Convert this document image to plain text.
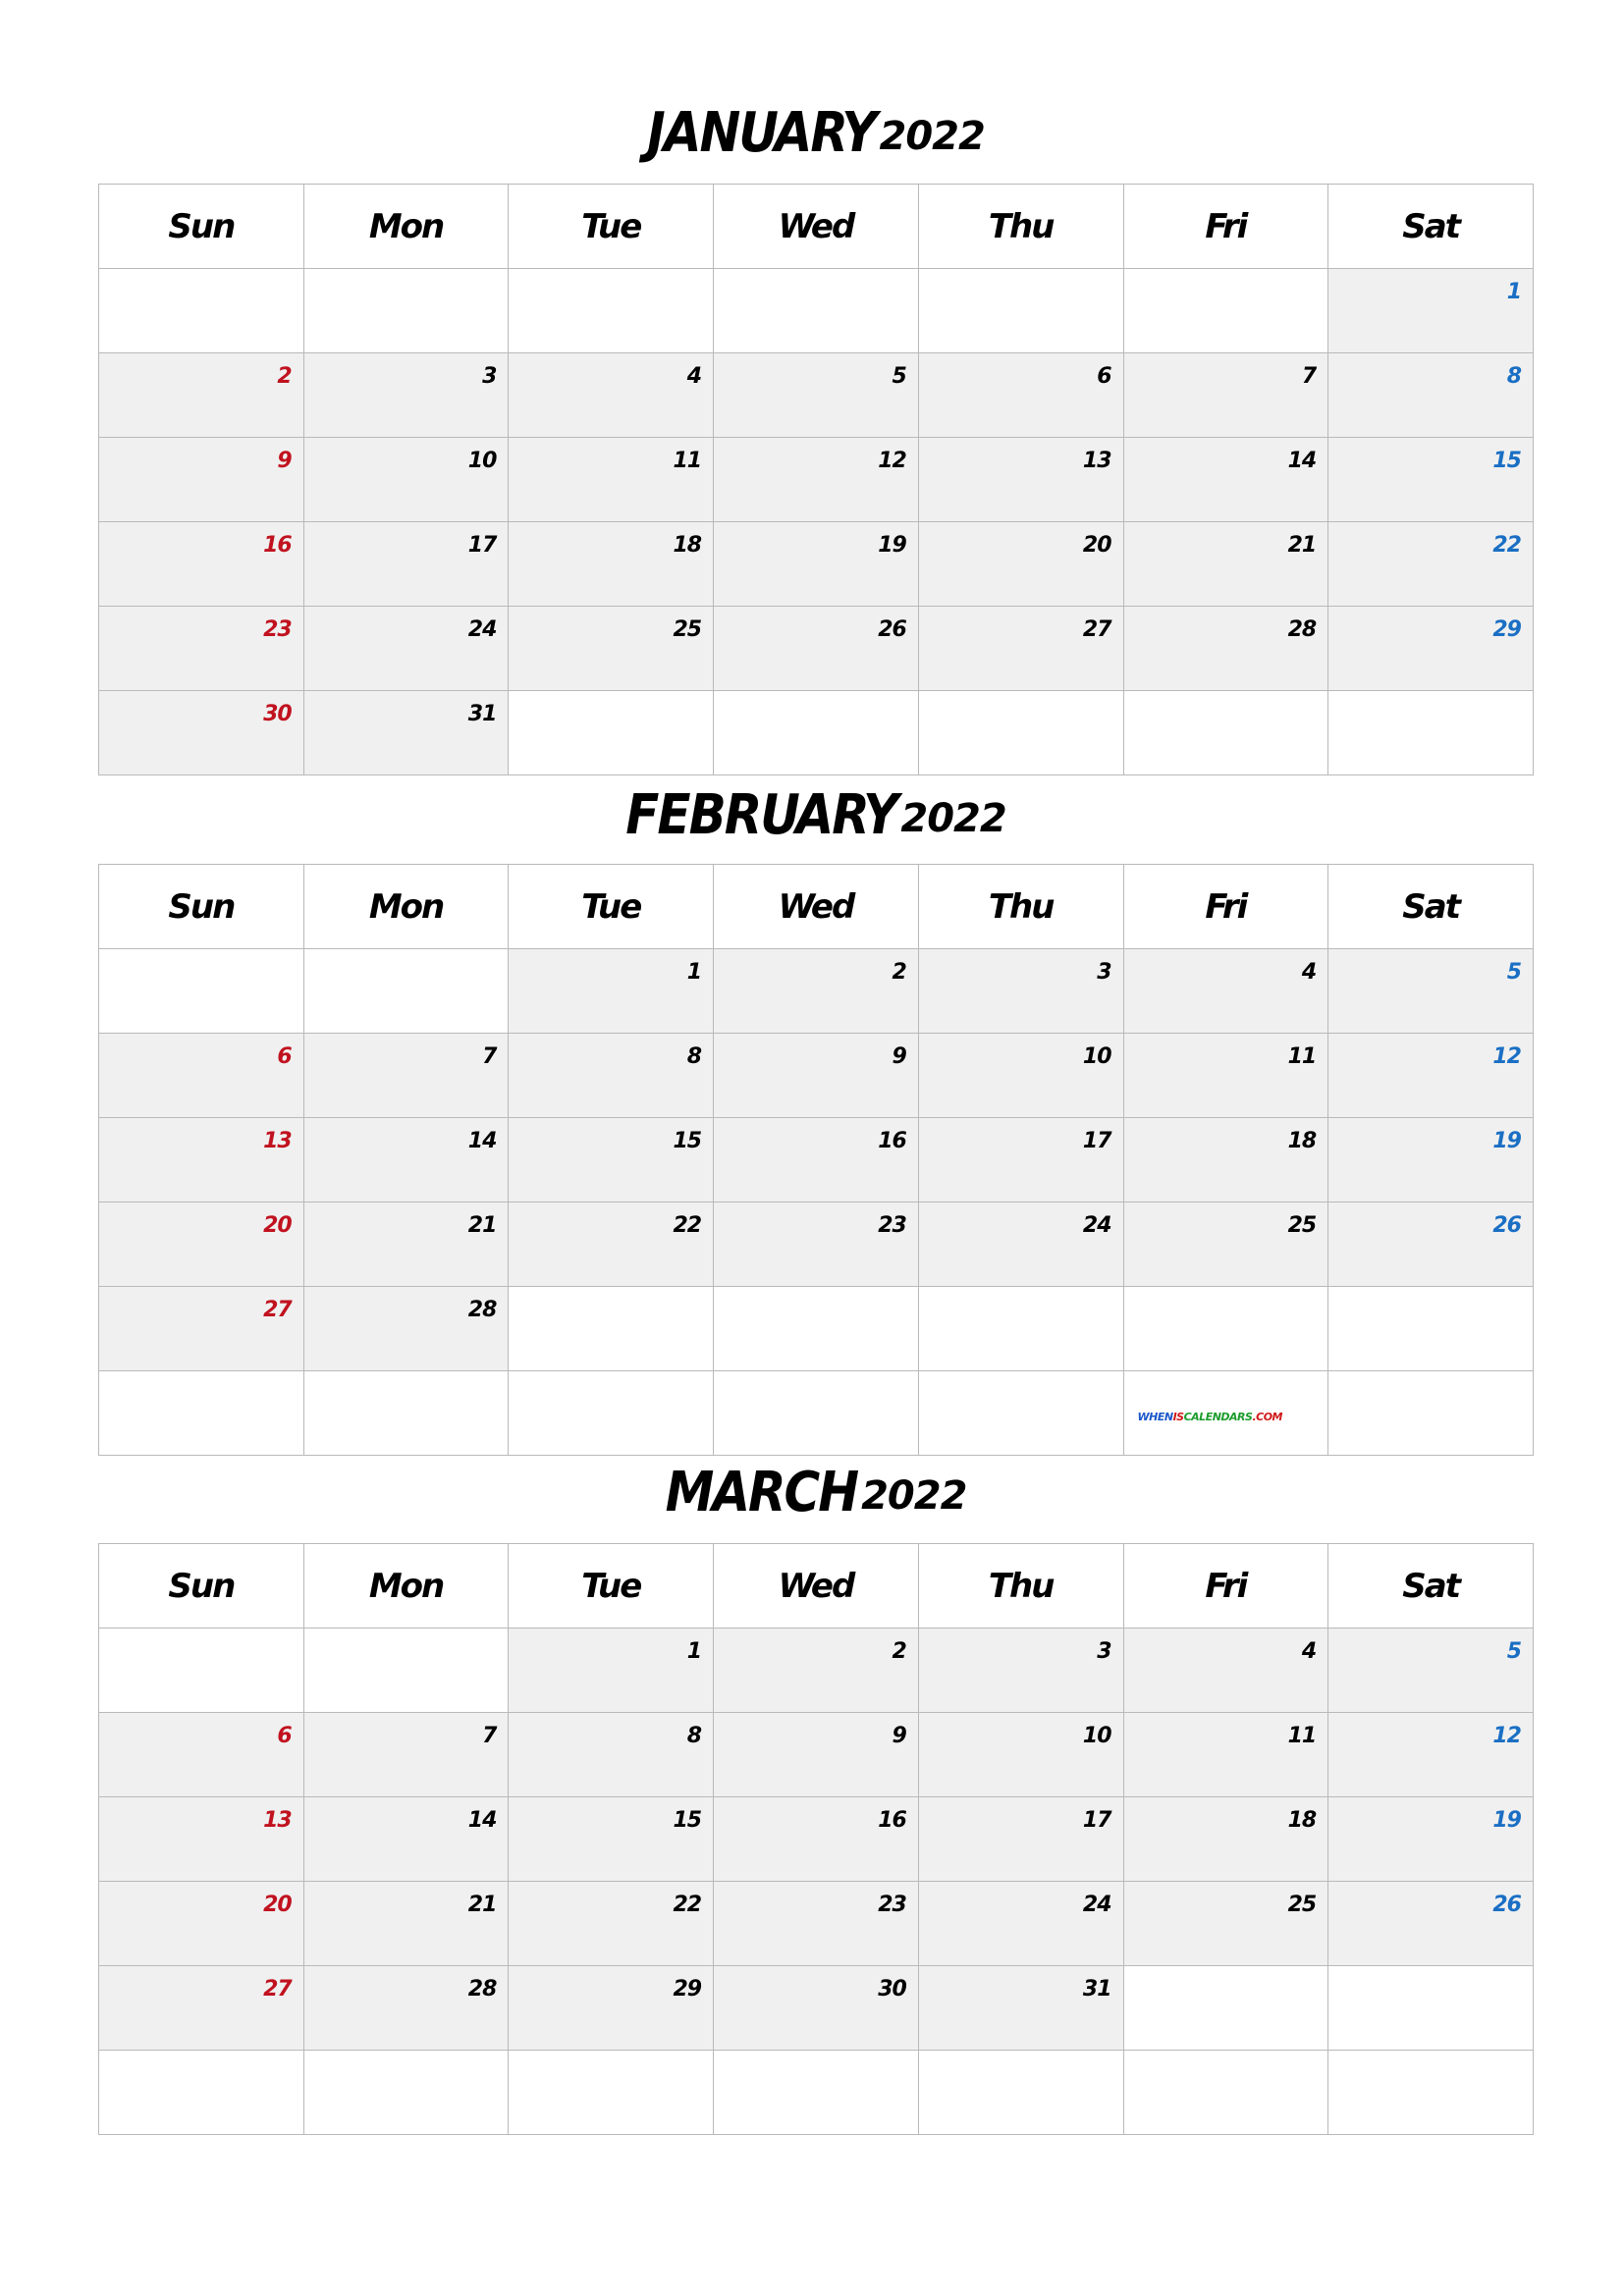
JANUARY 2022
Sun	Mon	Tue	Wed	Thu	Fri	Sat
						1
2	3	4	5	6	7	8
9	10	11	12	13	14	15
16	17	18	19	20	21	22
23	24	25	26	27	28	29
30	31					
FEBRUARY 2022
Sun	Mon	Tue	Wed	Thu	Fri	Sat
		1	2	3	4	5
6	7	8	9	10	11	12
13	14	15	16	17	18	19
20	21	22	23	24	25	26
27	28					

					WHENISCALENDARS.COM	

MARCH 2022
Sun	Mon	Tue	Wed	Thu	Fri	Sat
		1	2	3	4	5
6	7	8	9	10	11	12
13	14	15	16	17	18	19
20	21	22	23	24	25	26
27	28	29	30	31		
